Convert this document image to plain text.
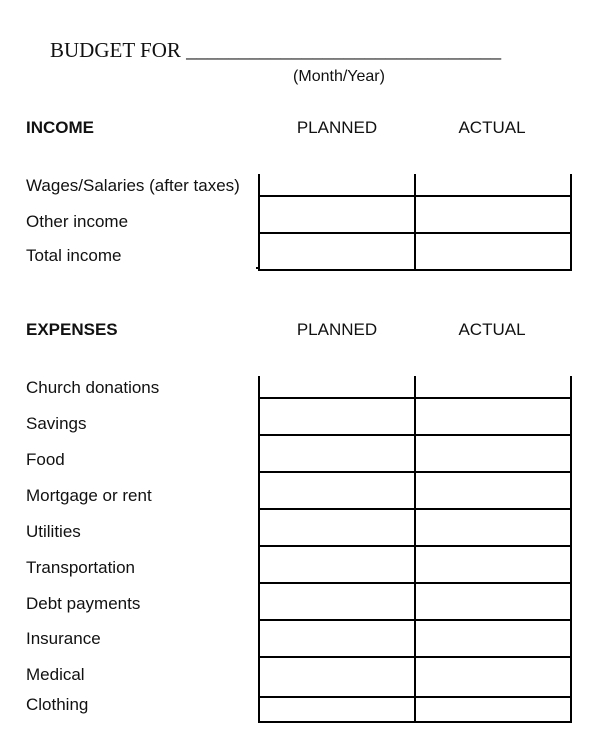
BUDGET FOR ______________________________
(Month/Year)
INCOME	PLANNED	ACTUAL
Wages/Salaries (after taxes)
Other income
Total income

EXPENSES	PLANNED	ACTUAL
Church donations
Savings
Food
Mortgage or rent
Utilities
Transportation
Debt payments
Insurance
Medical
Clothing
